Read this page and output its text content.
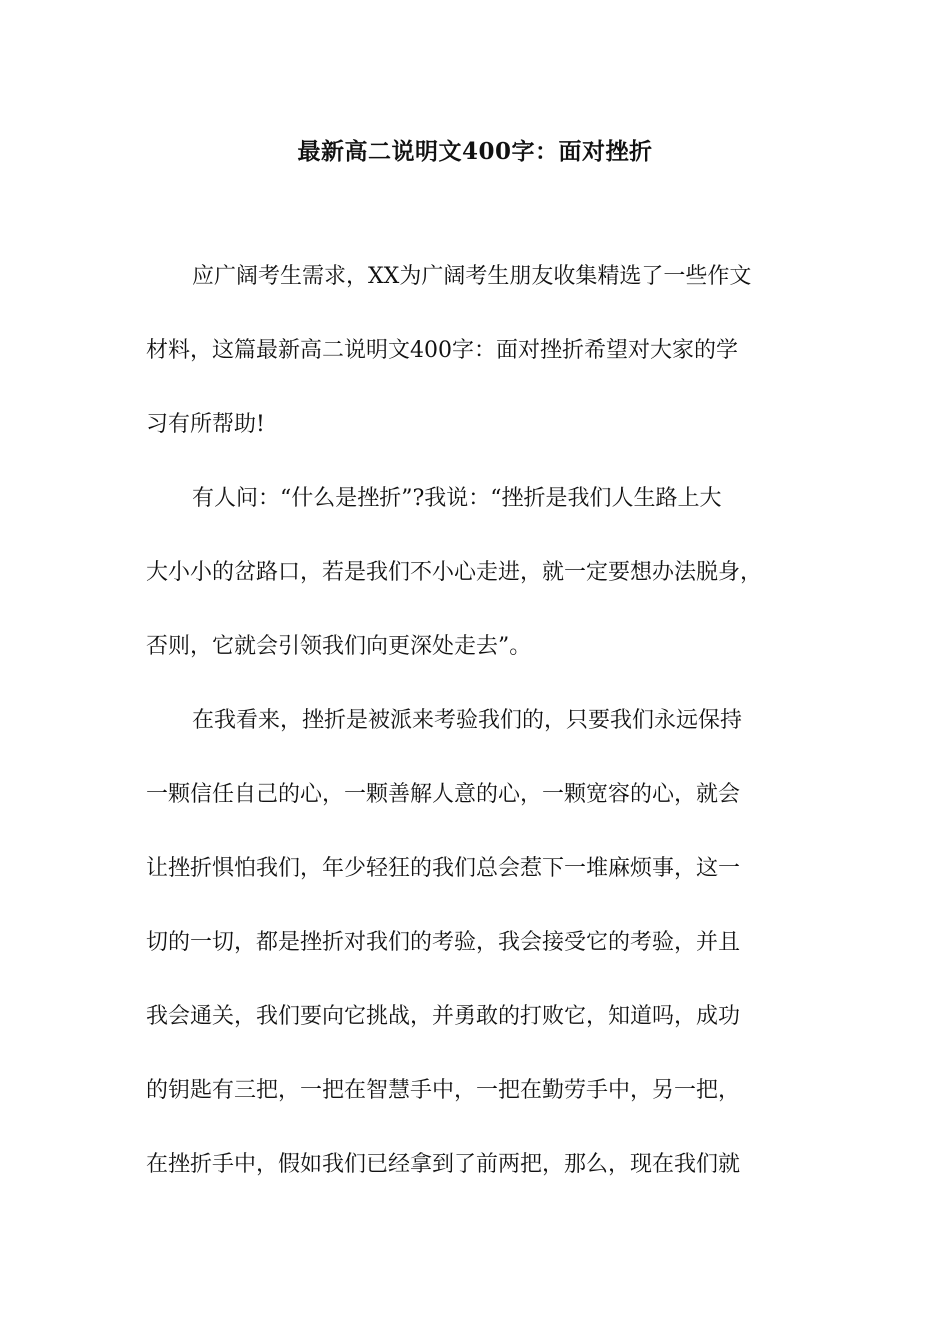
最新高二说明文400字：面对挫折
应广阔考生需求，XX为广阔考生朋友收集精选了一些作文
材料，这篇最新高二说明文400字：面对挫折希望对大家的学
习有所帮助!
有人问：“什么是挫折”?我说：“挫折是我们人生路上大
大小小的岔路口，若是我们不小心走进，就一定要想办法脱身，
否则，它就会引领我们向更深处走去”。
在我看来，挫折是被派来考验我们的，只要我们永远保持
一颗信任自己的心，一颗善解人意的心，一颗宽容的心，就会
让挫折惧怕我们，年少轻狂的我们总会惹下一堆麻烦事，这一
切的一切，都是挫折对我们的考验，我会接受它的考验，并且
我会通关，我们要向它挑战，并勇敢的打败它，知道吗，成功
的钥匙有三把，一把在智慧手中，一把在勤劳手中，另一把，
在挫折手中，假如我们已经拿到了前两把，那么，现在我们就
